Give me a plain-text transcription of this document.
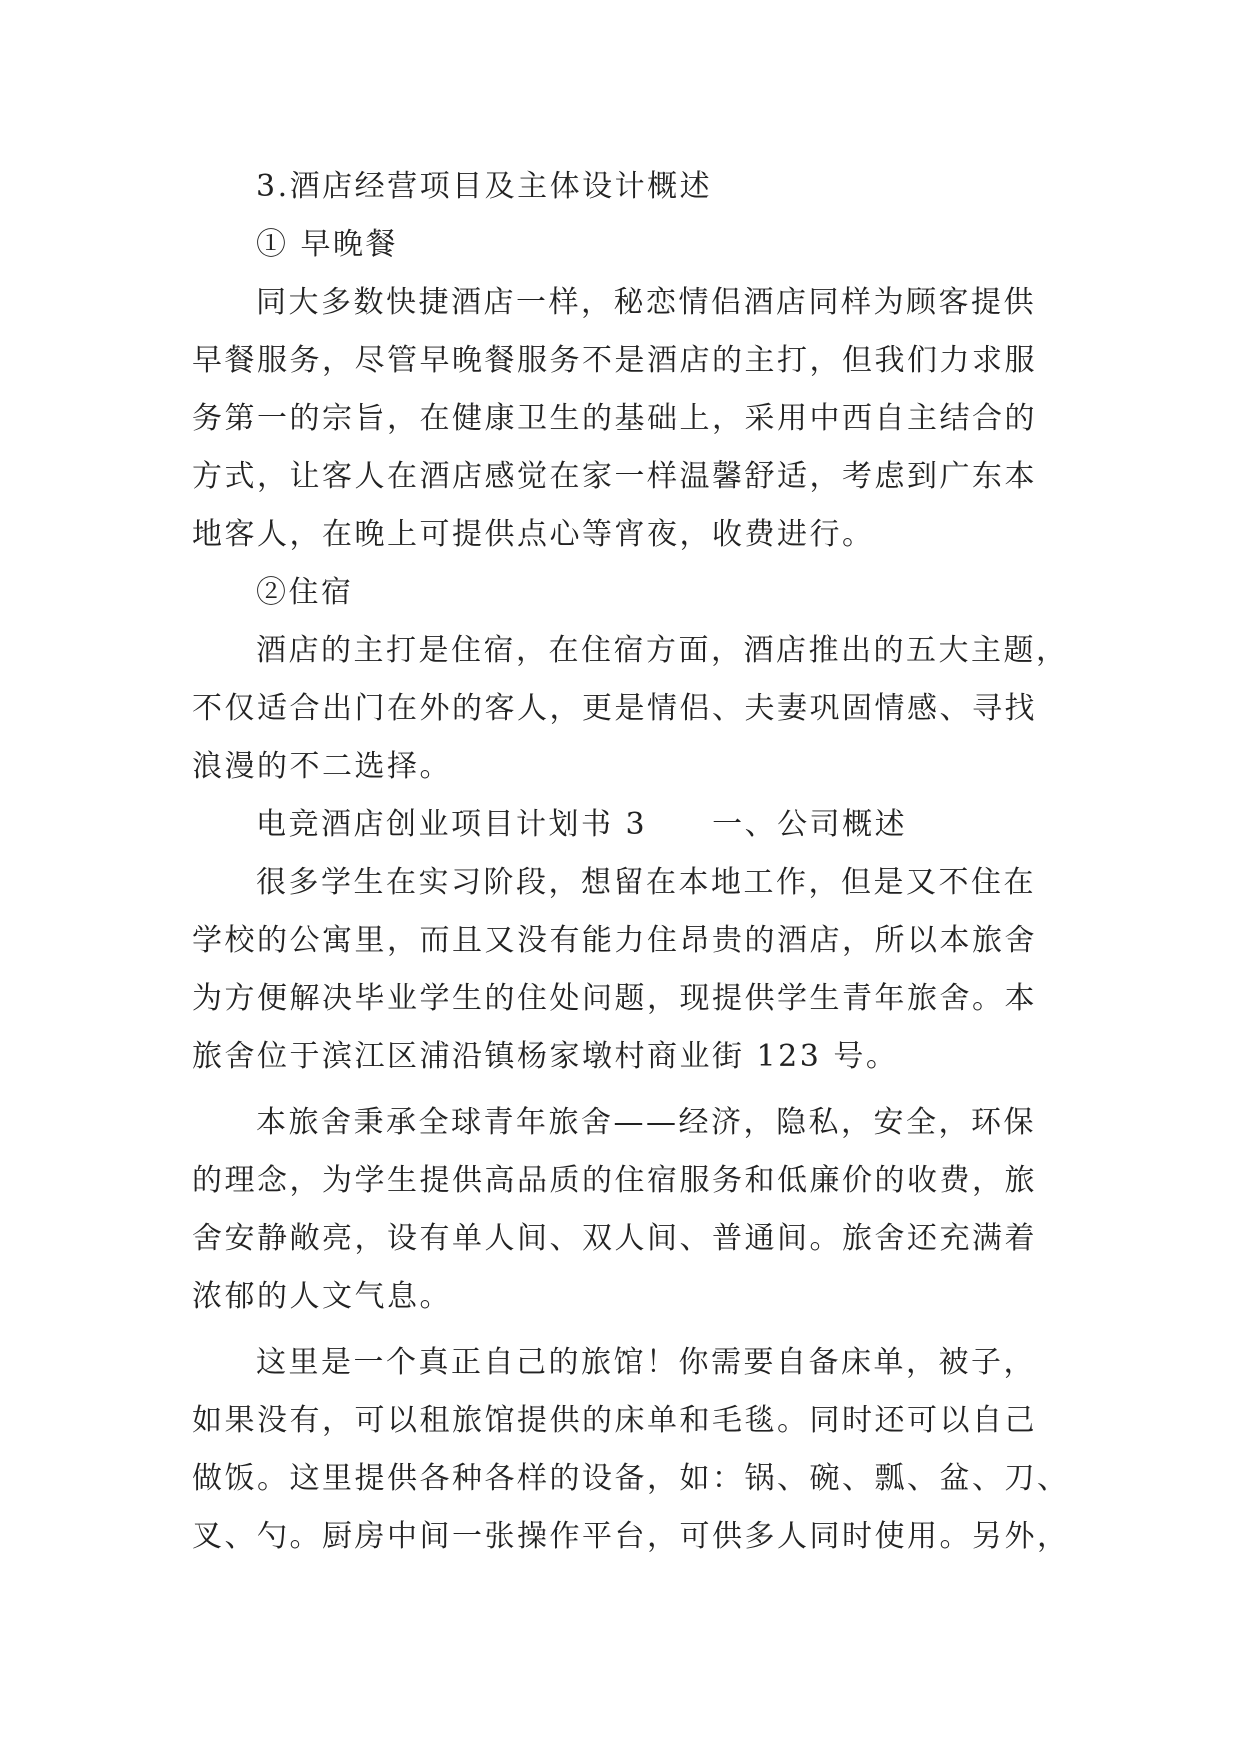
3.酒店经营项目及主体设计概述
① 早晚餐
同大多数快捷酒店一样，秘恋情侣酒店同样为顾客提供
早餐服务，尽管早晚餐服务不是酒店的主打，但我们力求服
务第一的宗旨，在健康卫生的基础上，采用中西自主结合的
方式，让客人在酒店感觉在家一样温馨舒适，考虑到广东本
地客人，在晚上可提供点心等宵夜，收费进行。
②住宿
酒店的主打是住宿，在住宿方面，酒店推出的五大主题，
不仅适合出门在外的客人，更是情侣、夫妻巩固情感、寻找
浪漫的不二选择。
电竞酒店创业项目计划书 3　　一、公司概述
很多学生在实习阶段，想留在本地工作，但是又不住在
学校的公寓里，而且又没有能力住昂贵的酒店，所以本旅舍
为方便解决毕业学生的住处问题，现提供学生青年旅舍。本
旅舍位于滨江区浦沿镇杨家墩村商业街 123 号。
本旅舍秉承全球青年旅舍——经济，隐私，安全，环保
的理念，为学生提供高品质的住宿服务和低廉价的收费，旅
舍安静敞亮，设有单人间、双人间、普通间。旅舍还充满着
浓郁的人文气息。
这里是一个真正自己的旅馆！你需要自备床单，被子，
如果没有，可以租旅馆提供的床单和毛毯。同时还可以自己
做饭。这里提供各种各样的设备，如：锅、碗、瓢、盆、刀、
叉、勺。厨房中间一张操作平台，可供多人同时使用。另外，
